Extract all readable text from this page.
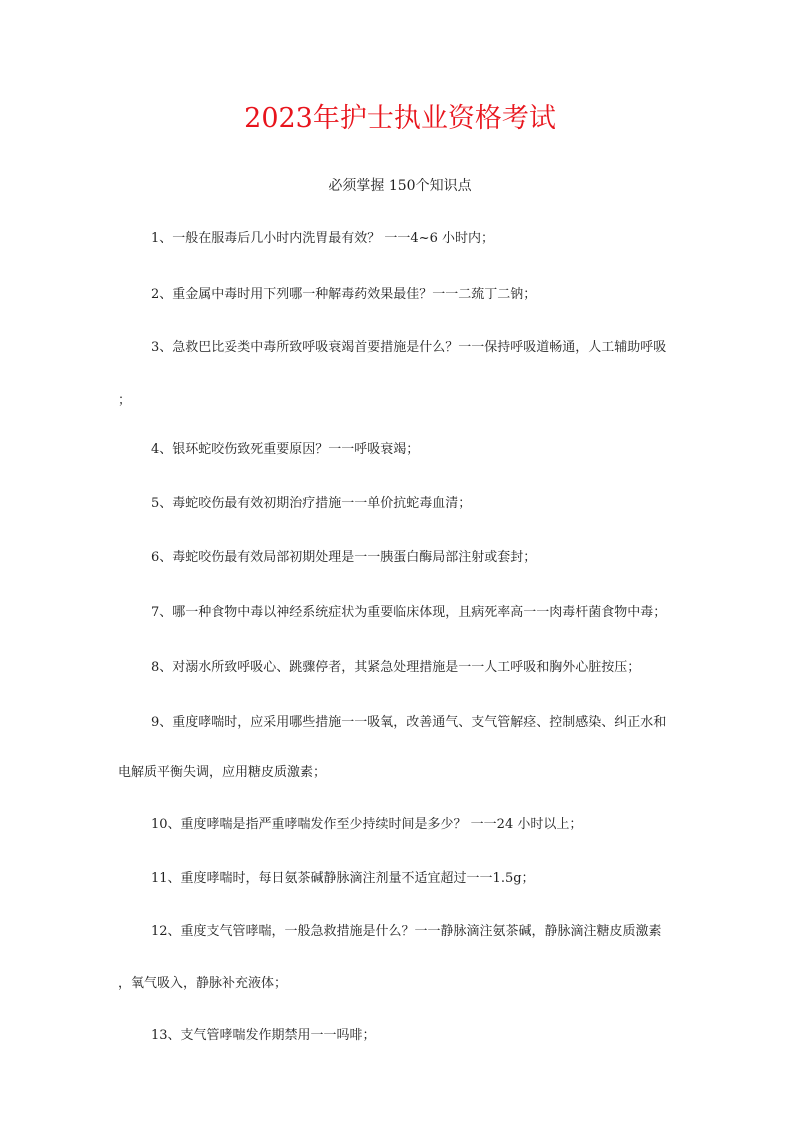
2023年护士执业资格考试
必须掌握 150个知识点
1、一般在服毒后几小时内洗胃最有效？ 一一4~6 小时内；
2、重金属中毒时用下列哪一种解毒药效果最佳？一一二巯丁二钠；
3、急救巴比妥类中毒所致呼吸衰竭首要措施是什么？一一保持呼吸道畅通，人工辅助呼吸
；
4、银环蛇咬伤致死重要原因？一一呼吸衰竭；
5、毒蛇咬伤最有效初期治疗措施一一单价抗蛇毒血清；
6、毒蛇咬伤最有效局部初期处理是一一胰蛋白酶局部注射或套封；
7、哪一种食物中毒以神经系统症状为重要临床体现，且病死率高一一肉毒杆菌食物中毒；
8、对溺水所致呼吸心、跳骤停者，其紧急处理措施是一一人工呼吸和胸外心脏按压；
9、重度哮喘时，应采用哪些措施一一吸氧，改善通气、支气管解痉、控制感染、纠正水和
电解质平衡失调，应用糖皮质激素；
10、重度哮喘是指严重哮喘发作至少持续时间是多少？ 一一24 小时以上；
11、重度哮喘时，每日氨茶碱静脉滴注剂量不适宜超过一一1.5g；
12、重度支气管哮喘，一般急救措施是什么？一一静脉滴注氨茶碱，静脉滴注糖皮质激素
，氧气吸入，静脉补充液体；
13、支气管哮喘发作期禁用一一吗啡；
